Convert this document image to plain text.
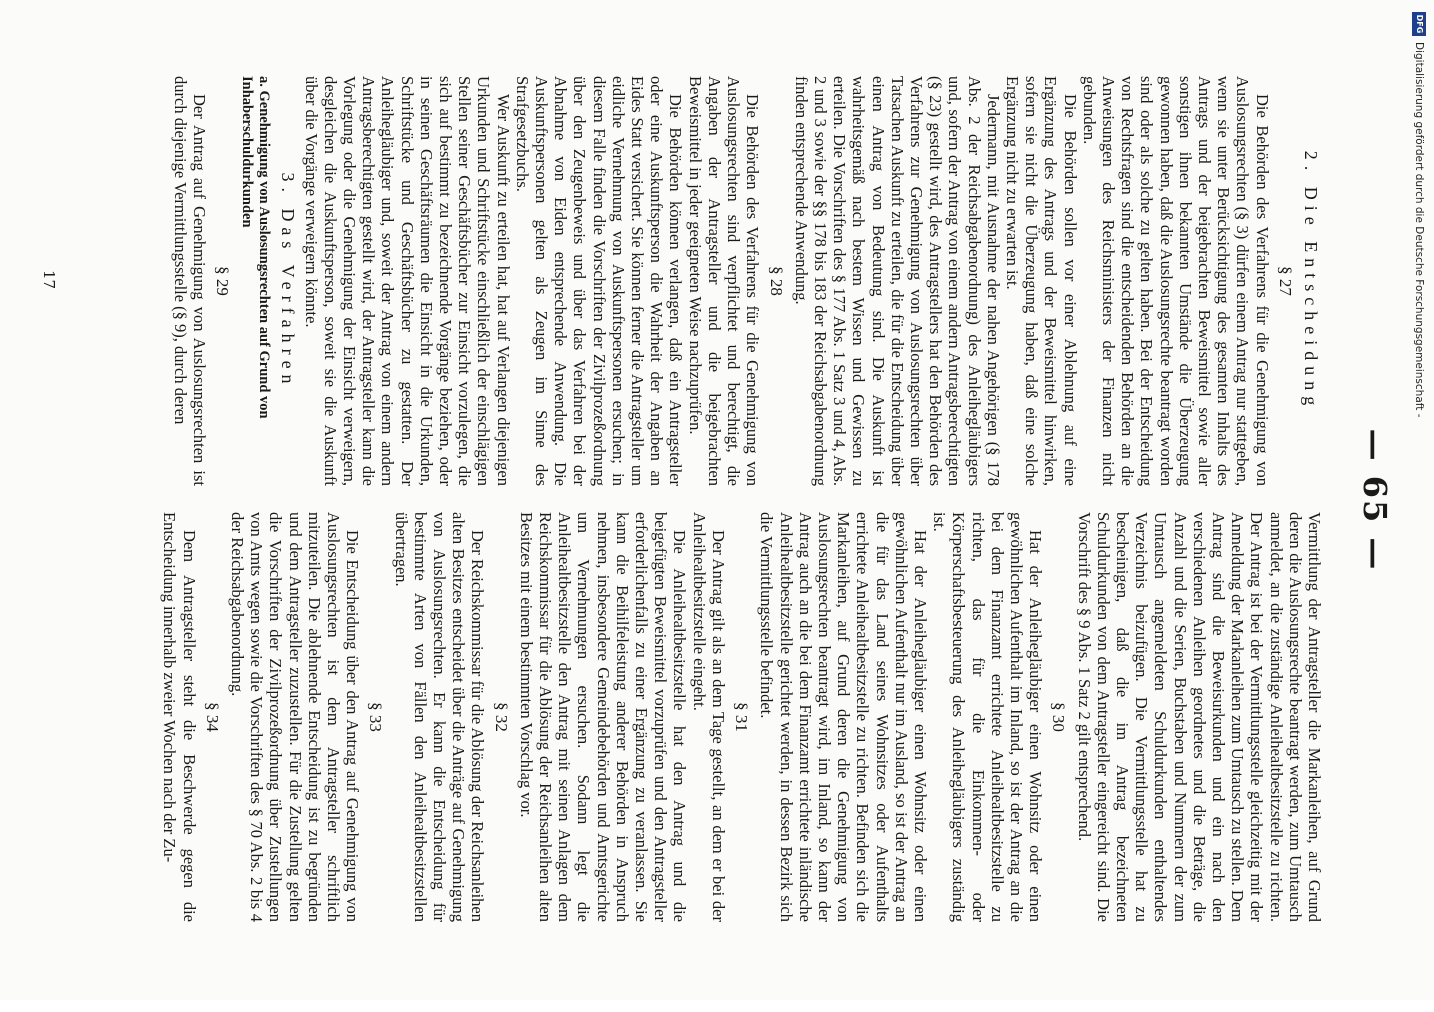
DFG
Digitalisierung gefördert durch die Deutsche Forschungsgemeinschaft -
— 65 —
2. Die Entscheidung
§ 27

Die Behörden des Verfahrens für die Genehmigung von Auslosungsrechten (§ 3) dürfen einem Antrag nur stattgeben, wenn sie unter Berücksichtigung des gesamten Inhalts des Antrags und der beigebrachten Beweismittel sowie aller sonstigen ihnen bekannten Umstände die Überzeugung gewonnen haben, daß die Auslosungsrechte beantragt worden sind oder als solche zu gelten haben. Bei der Entscheidung von Rechtsfragen sind die entscheidenden Behörden an die Anweisungen des Reichsministers der Finanzen nicht gebunden.

Die Behörden sollen vor einer Ablehnung auf eine Ergänzung des Antrags und der Beweismittel hinwirken, sofern sie nicht die Überzeugung haben, daß eine solche Ergänzung nicht zu erwarten ist.

Jedermann, mit Ausnahme der nahen Angehörigen (§ 178 Abs. 2 der Reichsabgabenordnung) des Anleihegläubigers und, sofern der Antrag von einem andern Antragsberechtigten (§ 23) gestellt wird, des Antragstellers hat den Behörden des Verfahrens zur Genehmigung von Auslosungsrechten über Tatsachen Auskunft zu erteilen, die für die Entscheidung über einen Antrag von Bedeutung sind. Die Auskunft ist wahrheitsgemäß nach bestem Wissen und Gewissen zu erteilen. Die Vorschriften des § 177 Abs. 1 Satz 3 und 4, Abs. 2 und 3 sowie der §§ 178 bis 183 der Reichsabgabenordnung finden entsprechende Anwendung.

§ 28

Die Behörden des Verfahrens für die Genehmigung von Auslosungsrechten sind verpflichtet und berechtigt, die Angaben der Antragsteller und die beigebrachten Beweismittel in jeder geeigneten Weise nachzuprüfen.

Die Behörden können verlangen, daß ein Antragsteller oder eine Auskunftsperson die Wahrheit der Angaben an Eides Statt versichert. Sie können ferner die Antragsteller um eidliche Vernehmung von Auskunftspersonen ersuchen; in diesem Falle finden die Vorschriften der Zivilprozeßordnung über den Zeugenbeweis und über das Verfahren bei der Abnahme von Eiden entsprechende Anwendung. Die Auskunftspersonen gelten als Zeugen im Sinne des Strafgesetzbuchs.

Wer Auskunft zu erteilen hat, hat auf Verlangen diejenigen Urkunden und Schriftstücke einschließlich der einschlägigen Stellen seiner Geschäftsbücher zur Einsicht vorzulegen, die sich auf bestimmt zu bezeichnende Vorgänge beziehen, oder in seinen Geschäftsräumen die Einsicht in die Urkunden, Schriftstücke und Geschäftsbücher zu gestatten. Der Anleihegläubiger und, soweit der Antrag von einem andern Antragsberechtigten gestellt wird, der Antragsteller kann die Vorlegung oder die Genehmigung der Einsicht verweigern, desgleichen die Auskunftsperson, soweit sie die Auskunft über die Vorgänge verweigern könnte.

3. Das Verfahren
a. Genehmigung von Auslosungsrechten auf Grund von Inhaberschuldurkunden
§ 29

Der Antrag auf Genehmigung von Auslosungsrechten ist durch diejenige Vermittlungsstelle (§ 9), durch deren

Vermittlung der Antragsteller die Markanleihen, auf Grund deren die Auslosungsrechte beantragt werden, zum Umtausch anmeldet, an die zuständige Anleihealtbesitzstelle zu richten. Der Antrag ist bei der Vermittlungsstelle gleichzeitig mit der Anmeldung der Markanleihen zum Umtausch zu stellen. Dem Antrag sind die Beweisurkunden und ein nach den verschiedenen Anleihen geordnetes und die Beträge, die Anzahl und die Serien, Buchstaben und Nummern der zum Umtausch angemeldeten Schuldurkunden enthaltendes Verzeichnis beizufügen. Die Vermittlungsstelle hat zu bescheinigen, daß die im Antrag bezeichneten Schuldurkunden von dem Antragsteller eingereicht sind. Die Vorschrift des § 9 Abs. 1 Satz 2 gilt entsprechend.

§ 30

Hat der Anleihegläubiger einen Wohnsitz oder einen gewöhnlichen Aufenthalt im Inland, so ist der Antrag an die bei dem Finanzamt errichtete Anleihealtbesitzstelle zu richten, das für die Einkommen- oder Körperschaftsbesteuerung des Anleihegläubigers zuständig ist.

Hat der Anleihegläubiger einen Wohnsitz oder einen gewöhnlichen Aufenthalt nur im Ausland, so ist der Antrag an die für das Land seines Wohnsitzes oder Aufenthalts errichtete Anleihealtbesitzstelle zu richten. Befinden sich die Markanleihen, auf Grund deren die Genehmigung von Auslosungsrechten beantragt wird, im Inland, so kann der Antrag auch an die bei dem Finanzamt errichtete inländische Anleihealtbesitzstelle gerichtet werden, in dessen Bezirk sich die Vermittlungsstelle befindet.

§ 31

Der Antrag gilt als an dem Tage gestellt, an dem er bei der Anleihealtbesitzstelle eingeht.

Die Anleihealtbesitzstelle hat den Antrag und die beigefügten Beweismittel vorzuprüfen und den Antragsteller erforderlichenfalls zu einer Ergänzung zu veranlassen. Sie kann die Beihilfeleistung anderer Behörden in Anspruch nehmen, insbesondere Gemeindebehörden und Amtsgerichte um Vernehmungen ersuchen. Sodann legt die Anleihealtbesitzstelle den Antrag mit seinen Anlagen dem Reichskommissar für die Ablösung der Reichsanleihen alten Besitzes mit einem bestimmten Vorschlag vor.

§ 32

Der Reichskommissar für die Ablösung der Reichsanleihen alten Besitzes entscheidet über die Anträge auf Genehmigung von Auslosungsrechten. Er kann die Entscheidung für bestimmte Arten von Fällen den Anleihealtbesitzstellen übertragen.

§ 33

Die Entscheidung über den Antrag auf Genehmigung von Auslosungsrechten ist dem Antragsteller schriftlich mitzuteilen. Die ablehnende Entscheidung ist zu begründen und dem Antragsteller zuzustellen. Für die Zustellung gelten die Vorschriften der Zivilprozeßordnung über Zustellungen von Amts wegen sowie die Vorschriften des § 70 Abs. 2 bis 4 der Reichsabgabenordnung.

§ 34

Dem Antragsteller steht die Beschwerde gegen die Entscheidung innerhalb zweier Wochen nach der Zu-

17
